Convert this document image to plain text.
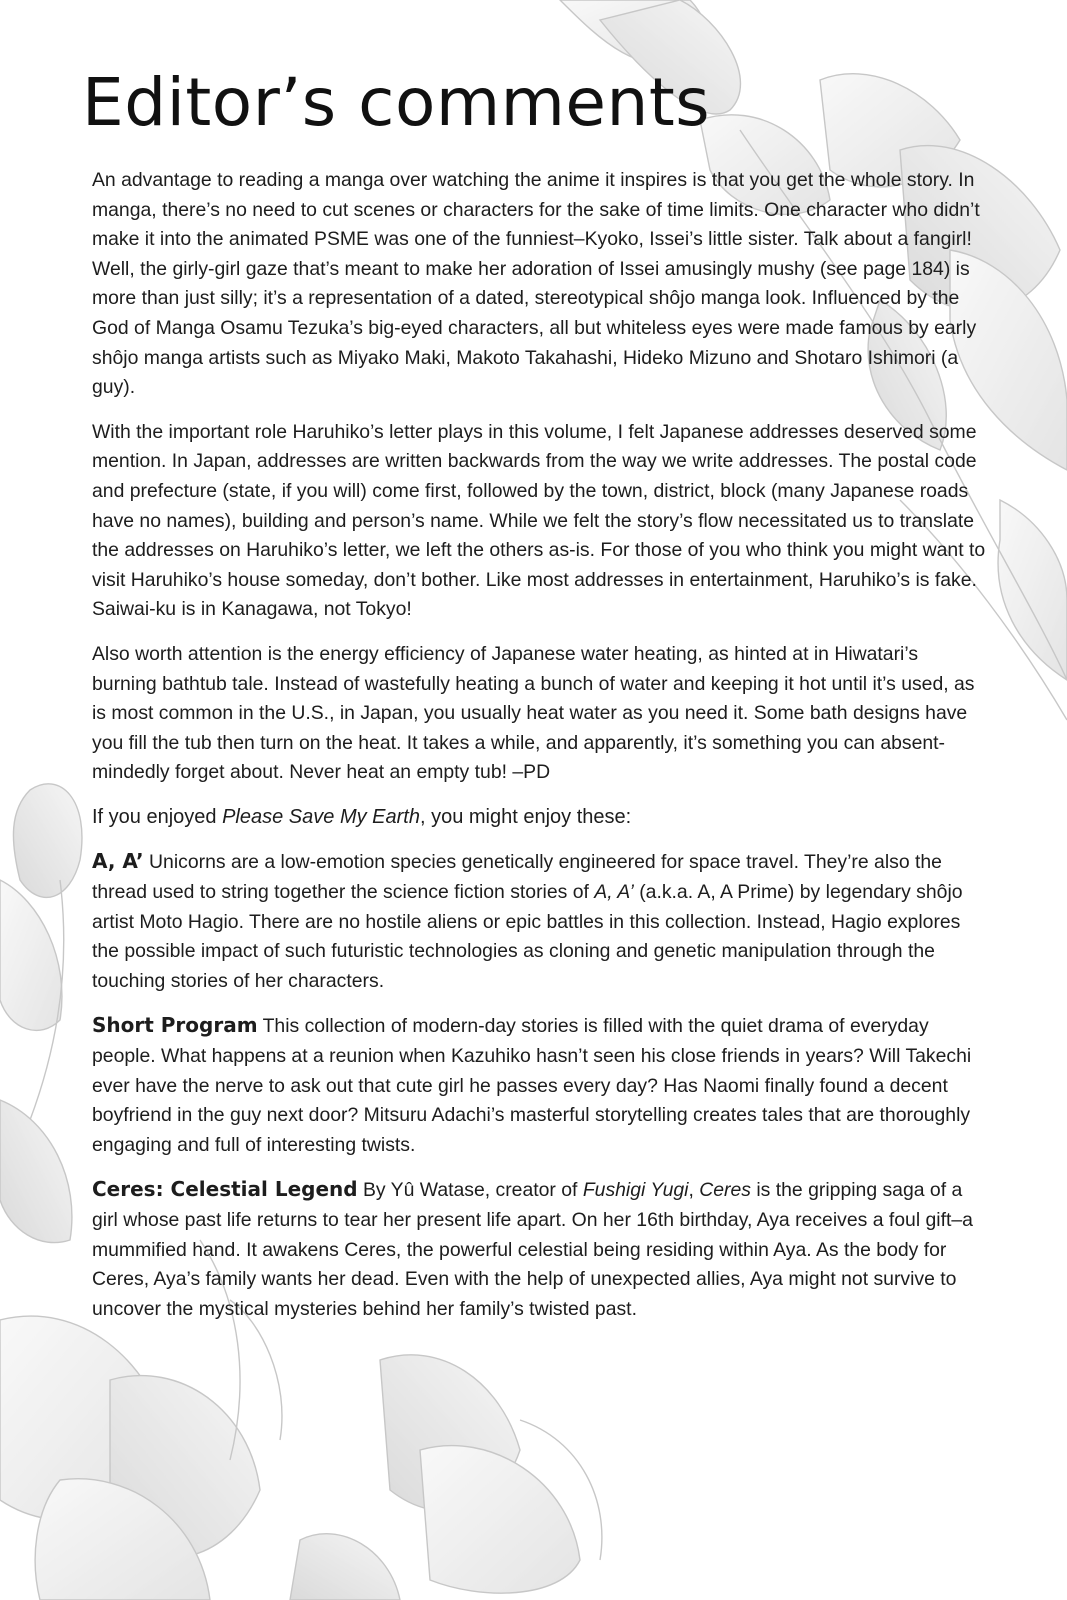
Editor’s comments

An advantage to reading a manga over watching the anime it inspires is that you get the whole story. In manga, there’s no need to cut scenes or characters for the sake of time limits. One character who didn’t make it into the animated PSME was one of the funniest–Kyoko, Issei’s little sister. Talk about a fangirl! Well, the girly-girl gaze that’s meant to make her adoration of Issei amusingly mushy (see page 184) is more than just silly; it’s a representation of a dated, stereotypical shôjo manga look. Influenced by the God of Manga Osamu Tezuka’s big-eyed characters, all but whiteless eyes were made famous by early shôjo manga artists such as Miyako Maki, Makoto Takahashi, Hideko Mizuno and Shotaro Ishimori (a guy).

With the important role Haruhiko’s letter plays in this volume, I felt Japanese addresses deserved some mention. In Japan, addresses are written backwards from the way we write addresses. The postal code and prefecture (state, if you will) come first, followed by the town, district, block (many Japanese roads have no names), building and person’s name. While we felt the story’s flow necessitated us to translate the addresses on Haruhiko’s letter, we left the others as-is. For those of you who think you might want to visit Haruhiko’s house someday, don’t bother. Like most addresses in entertainment, Haruhiko’s is fake. Saiwai-ku is in Kanagawa, not Tokyo!

Also worth attention is the energy efficiency of Japanese water heating, as hinted at in Hiwatari’s burning bathtub tale. Instead of wastefully heating a bunch of water and keeping it hot until it’s used, as is most common in the U.S., in Japan, you usually heat water as you need it. Some bath designs have you fill the tub then turn on the heat. It takes a while, and apparently, it’s something you can absent-mindedly forget about. Never heat an empty tub! –PD

If you enjoyed Please Save My Earth, you might enjoy these:

A, A’ Unicorns are a low-emotion species genetically engineered for space travel. They’re also the thread used to string together the science fiction stories of A, A’ (a.k.a. A, A Prime) by legendary shôjo artist Moto Hagio. There are no hostile aliens or epic battles in this collection. Instead, Hagio explores the possible impact of such futuristic technologies as cloning and genetic manipulation through the touching stories of her characters.

Short Program This collection of modern-day stories is filled with the quiet drama of everyday people. What happens at a reunion when Kazuhiko hasn’t seen his close friends in years? Will Takechi ever have the nerve to ask out that cute girl he passes every day? Has Naomi finally found a decent boyfriend in the guy next door? Mitsuru Adachi’s masterful storytelling creates tales that are thoroughly engaging and full of interesting twists.

Ceres: Celestial Legend By Yû Watase, creator of Fushigi Yugi, Ceres is the gripping saga of a girl whose past life returns to tear her present life apart. On her 16th birthday, Aya receives a foul gift–a mummified hand. It awakens Ceres, the powerful celestial being residing within Aya. As the body for Ceres, Aya’s family wants her dead. Even with the help of unexpected allies, Aya might not survive to uncover the mystical mysteries behind her family’s twisted past.
